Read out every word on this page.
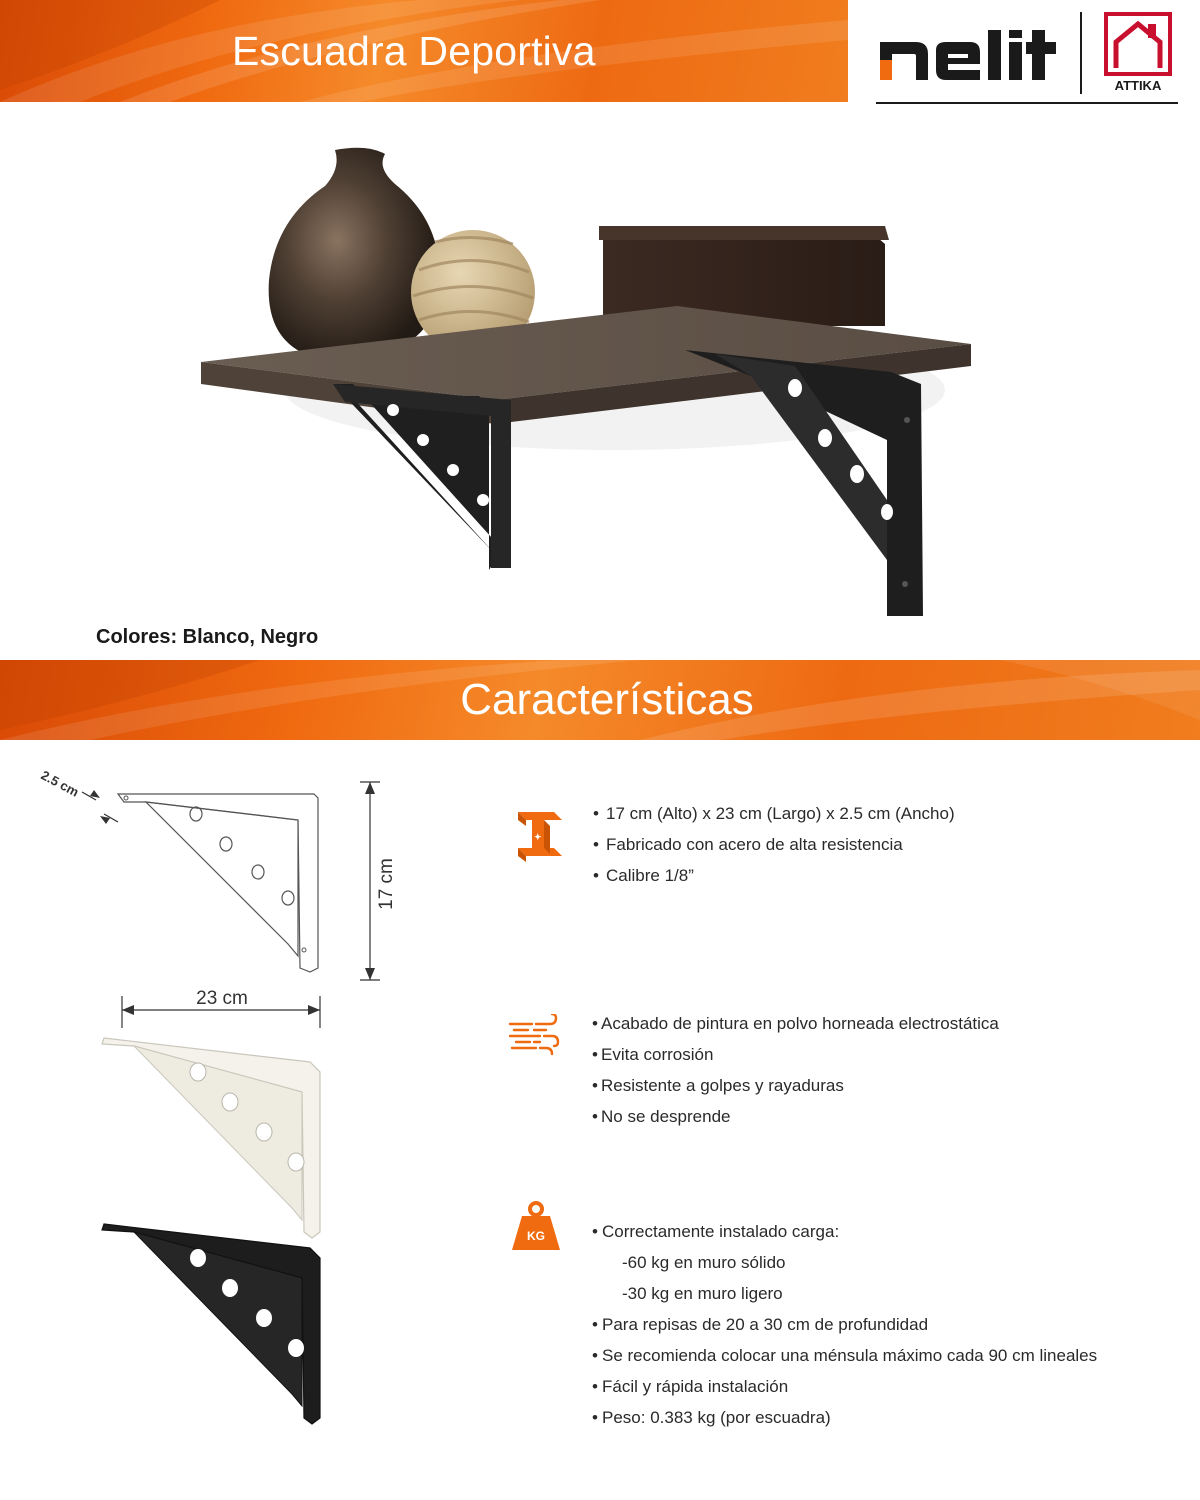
Escuadra Deportiva
ATTIKA
Colores: Blanco, Negro
Características
2.5 cm
17 cm
23 cm
✦
KG
• 17 cm (Alto) x 23 cm (Largo) x 2.5 cm (Ancho)
• Fabricado con acero de alta resistencia
• Calibre 1/8”
• Acabado de pintura en polvo horneada electrostática
• Evita corrosión
• Resistente a golpes y rayaduras
• No se desprende
• Correctamente instalado carga:
-60 kg en muro sólido
-30 kg en muro ligero
• Para repisas de 20 a 30 cm de profundidad
• Se recomienda colocar una ménsula máximo cada 90 cm lineales
• Fácil y rápida instalación
• Peso: 0.383 kg (por escuadra)
